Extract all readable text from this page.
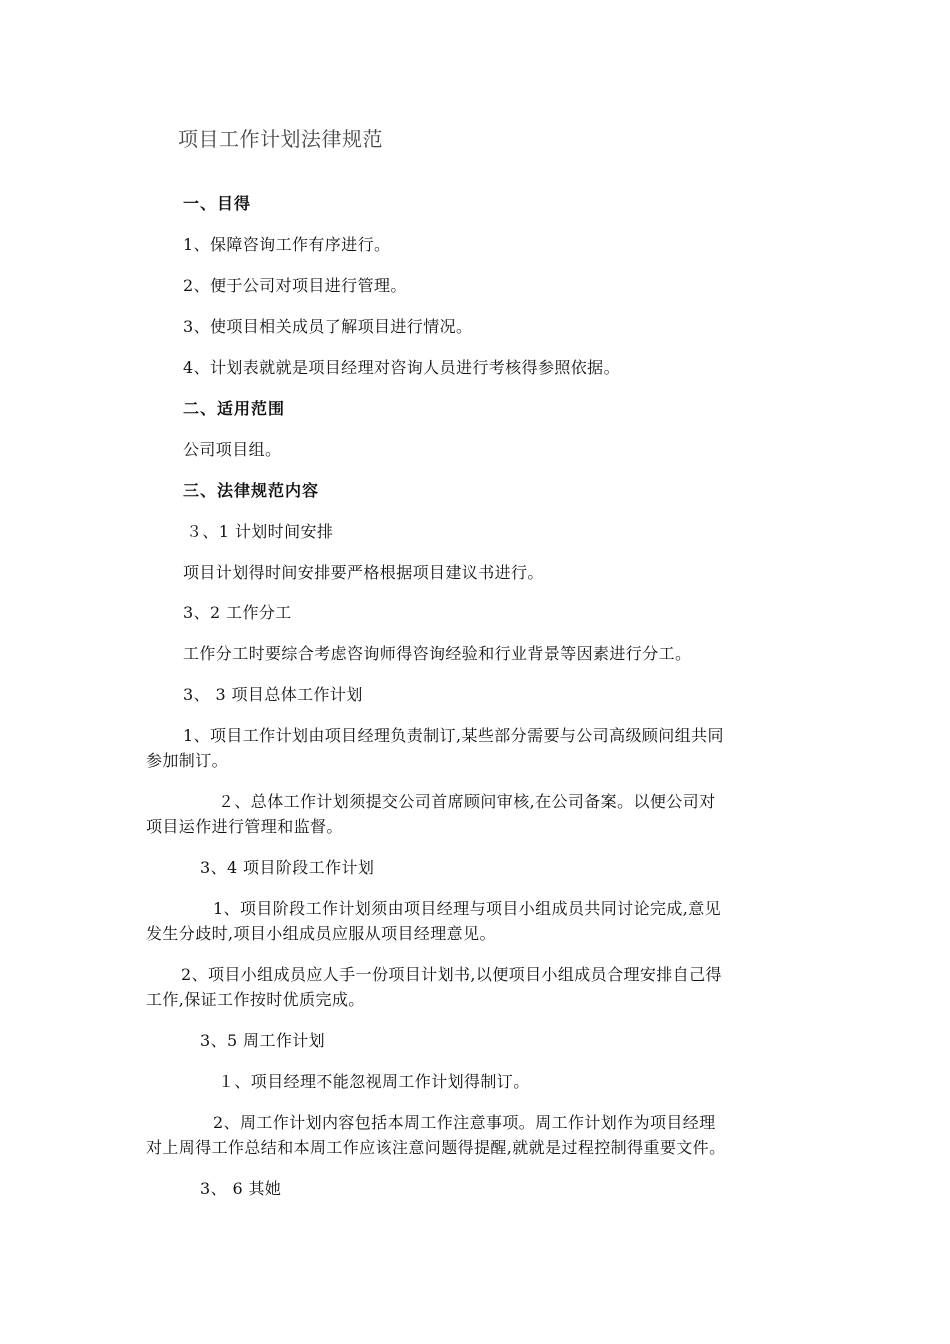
项目工作计划法律规范
一、目得
1、保障咨询工作有序进行。
2、便于公司对项目进行管理。
3、使项目相关成员了解项目进行情况。
4、计划表就就是项目经理对咨询人员进行考核得参照依据。
二、适用范围
公司项目组。
三、法律规范内容
３、1 计划时间安排
项目计划得时间安排要严格根据项目建议书进行。
3、2 工作分工
工作分工时要综合考虑咨询师得咨询经验和行业背景等因素进行分工。
3、 3 项目总体工作计划
1、项目工作计划由项目经理负责制订,某些部分需要与公司高级顾问组共同
参加制订。
２、总体工作计划须提交公司首席顾问审核,在公司备案。以便公司对
项目运作进行管理和监督。
3、4 项目阶段工作计划
1、项目阶段工作计划须由项目经理与项目小组成员共同讨论完成,意见
发生分歧时,项目小组成员应服从项目经理意见。
2、项目小组成员应人手一份项目计划书,以便项目小组成员合理安排自己得
工作,保证工作按时优质完成。
3、5 周工作计划
１、项目经理不能忽视周工作计划得制订。
2、周工作计划内容包括本周工作注意事项。周工作计划作为项目经理
对上周得工作总结和本周工作应该注意问题得提醒,就就是过程控制得重要文件。
3、 6 其她
